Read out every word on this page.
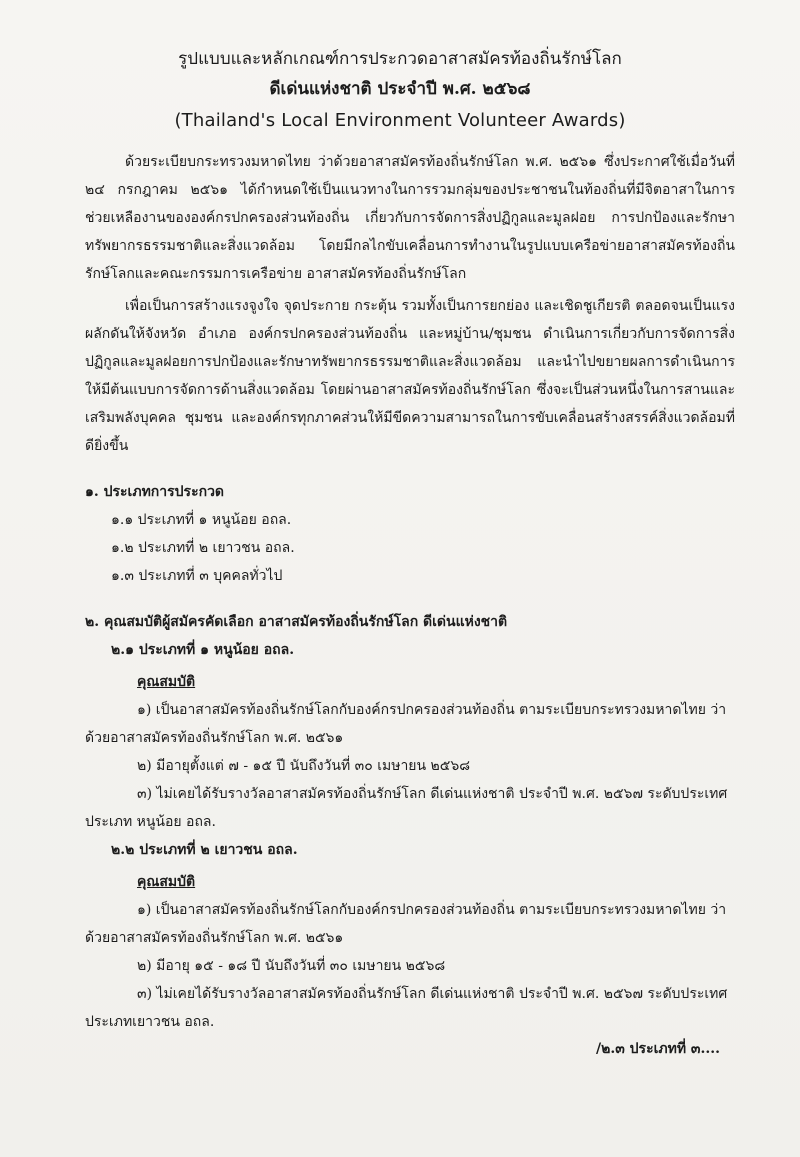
รูปแบบและหลักเกณฑ์การประกวดอาสาสมัครท้องถิ่นรักษ์โลก
ดีเด่นแห่งชาติ ประจำปี พ.ศ. ๒๕๖๘
(Thailand's Local Environment Volunteer Awards)

ด้วยระเบียบกระทรวงมหาดไทย ว่าด้วยอาสาสมัครท้องถิ่นรักษ์โลก พ.ศ. ๒๕๖๑ ซึ่งประกาศใช้เมื่อวันที่ ๒๔ กรกฎาคม ๒๕๖๑ ได้กำหนดใช้เป็นแนวทางในการรวมกลุ่มของประชาชนในท้องถิ่นที่มีจิตอาสาในการช่วยเหลืองานขององค์กรปกครองส่วนท้องถิ่น เกี่ยวกับการจัดการสิ่งปฏิกูลและมูลฝอย การปกป้องและรักษาทรัพยากรธรรมชาติและสิ่งแวดล้อม โดยมีกลไกขับเคลื่อนการทำงานในรูปแบบเครือข่ายอาสาสมัครท้องถิ่นรักษ์โลกและคณะกรรมการเครือข่าย อาสาสมัครท้องถิ่นรักษ์โลก

เพื่อเป็นการสร้างแรงจูงใจ จุดประกาย กระตุ้น รวมทั้งเป็นการยกย่อง และเชิดชูเกียรติ ตลอดจนเป็นแรงผลักดันให้จังหวัด อำเภอ องค์กรปกครองส่วนท้องถิ่น และหมู่บ้าน/ชุมชน ดำเนินการเกี่ยวกับการจัดการสิ่งปฏิกูลและมูลฝอยการปกป้องและรักษาทรัพยากรธรรมชาติและสิ่งแวดล้อม และนำไปขยายผลการดำเนินการให้มีต้นแบบการจัดการด้านสิ่งแวดล้อม โดยผ่านอาสาสมัครท้องถิ่นรักษ์โลก ซึ่งจะเป็นส่วนหนึ่งในการสานและเสริมพลังบุคคล ชุมชน และองค์กรทุกภาคส่วนให้มีขีดความสามารถในการขับเคลื่อนสร้างสรรค์สิ่งแวดล้อมที่ดียิ่งขึ้น

๑. ประเภทการประกวด
๑.๑ ประเภทที่ ๑ หนูน้อย อถล.
๑.๒ ประเภทที่ ๒ เยาวชน อถล.
๑.๓ ประเภทที่ ๓ บุคคลทั่วไป
๒. คุณสมบัติผู้สมัครคัดเลือก อาสาสมัครท้องถิ่นรักษ์โลก ดีเด่นแห่งชาติ
๒.๑ ประเภทที่ ๑ หนูน้อย อถล.
คุณสมบัติ
๑) เป็นอาสาสมัครท้องถิ่นรักษ์โลกกับองค์กรปกครองส่วนท้องถิ่น ตามระเบียบกระทรวงมหาดไทย ว่าด้วยอาสาสมัครท้องถิ่นรักษ์โลก พ.ศ. ๒๕๖๑
๒) มีอายุตั้งแต่ ๗ - ๑๕ ปี นับถึงวันที่ ๓๐ เมษายน ๒๕๖๘
๓) ไม่เคยได้รับรางวัลอาสาสมัครท้องถิ่นรักษ์โลก ดีเด่นแห่งชาติ ประจำปี พ.ศ. ๒๕๖๗ ระดับประเทศ ประเภท หนูน้อย อถล.
๒.๒ ประเภทที่ ๒ เยาวชน อถล.
คุณสมบัติ
๑) เป็นอาสาสมัครท้องถิ่นรักษ์โลกกับองค์กรปกครองส่วนท้องถิ่น ตามระเบียบกระทรวงมหาดไทย ว่าด้วยอาสาสมัครท้องถิ่นรักษ์โลก พ.ศ. ๒๕๖๑
๒) มีอายุ ๑๕ - ๑๘ ปี นับถึงวันที่ ๓๐ เมษายน ๒๕๖๘
๓) ไม่เคยได้รับรางวัลอาสาสมัครท้องถิ่นรักษ์โลก ดีเด่นแห่งชาติ ประจำปี พ.ศ. ๒๕๖๗ ระดับประเทศ ประเภทเยาวชน อถล.
/๒.๓ ประเภทที่ ๓....
